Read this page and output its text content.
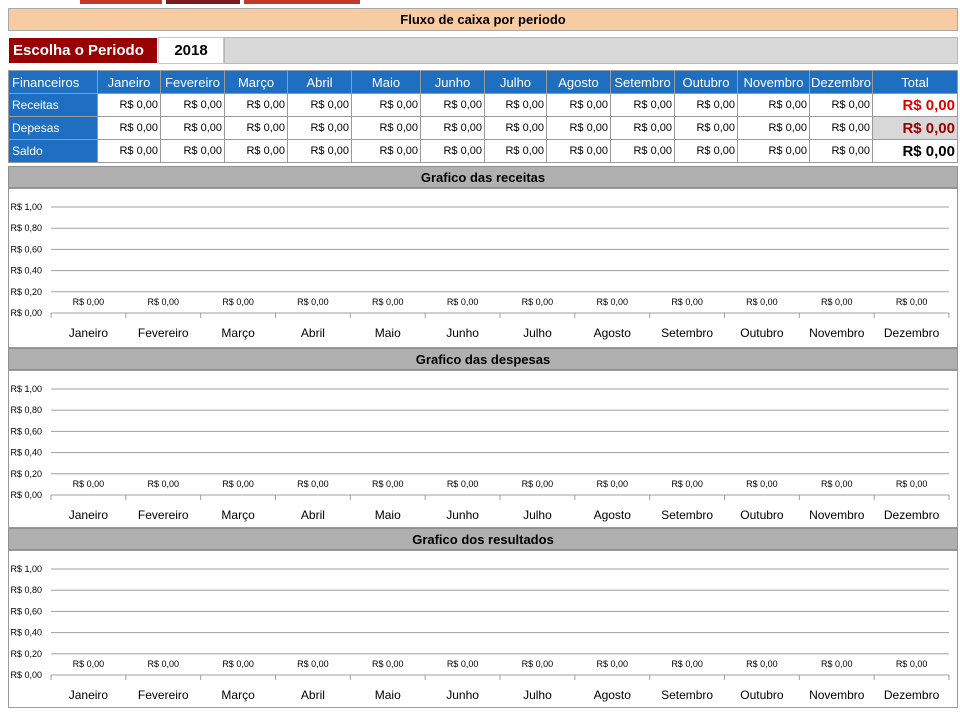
Fluxo de caixa por periodo
Escolha o Periodo	2018
Financeiros	Janeiro	Fevereiro	Março	Abril	Maio	Junho	Julho	Agosto	Setembro	Outubro	Novembro	Dezembro	Total
Receitas	R$ 0,00	R$ 0,00	R$ 0,00	R$ 0,00	R$ 0,00	R$ 0,00	R$ 0,00	R$ 0,00	R$ 0,00	R$ 0,00	R$ 0,00	R$ 0,00	R$ 0,00
Depesas	R$ 0,00	R$ 0,00	R$ 0,00	R$ 0,00	R$ 0,00	R$ 0,00	R$ 0,00	R$ 0,00	R$ 0,00	R$ 0,00	R$ 0,00	R$ 0,00	R$ 0,00
Saldo	R$ 0,00	R$ 0,00	R$ 0,00	R$ 0,00	R$ 0,00	R$ 0,00	R$ 0,00	R$ 0,00	R$ 0,00	R$ 0,00	R$ 0,00	R$ 0,00	R$ 0,00
Grafico das receitas
R$ 0,00
R$ 0,20
R$ 0,40
R$ 0,60
R$ 0,80
R$ 1,00
R$ 0,00
Janeiro
R$ 0,00
Fevereiro
R$ 0,00
Março
R$ 0,00
Abril
R$ 0,00
Maio
R$ 0,00
Junho
R$ 0,00
Julho
R$ 0,00
Agosto
R$ 0,00
Setembro
R$ 0,00
Outubro
R$ 0,00
Novembro
R$ 0,00
Dezembro
Grafico das despesas
R$ 0,00
R$ 0,20
R$ 0,40
R$ 0,60
R$ 0,80
R$ 1,00
R$ 0,00
Janeiro
R$ 0,00
Fevereiro
R$ 0,00
Março
R$ 0,00
Abril
R$ 0,00
Maio
R$ 0,00
Junho
R$ 0,00
Julho
R$ 0,00
Agosto
R$ 0,00
Setembro
R$ 0,00
Outubro
R$ 0,00
Novembro
R$ 0,00
Dezembro
Grafico dos resultados
R$ 0,00
R$ 0,20
R$ 0,40
R$ 0,60
R$ 0,80
R$ 1,00
R$ 0,00
Janeiro
R$ 0,00
Fevereiro
R$ 0,00
Março
R$ 0,00
Abril
R$ 0,00
Maio
R$ 0,00
Junho
R$ 0,00
Julho
R$ 0,00
Agosto
R$ 0,00
Setembro
R$ 0,00
Outubro
R$ 0,00
Novembro
R$ 0,00
Dezembro
